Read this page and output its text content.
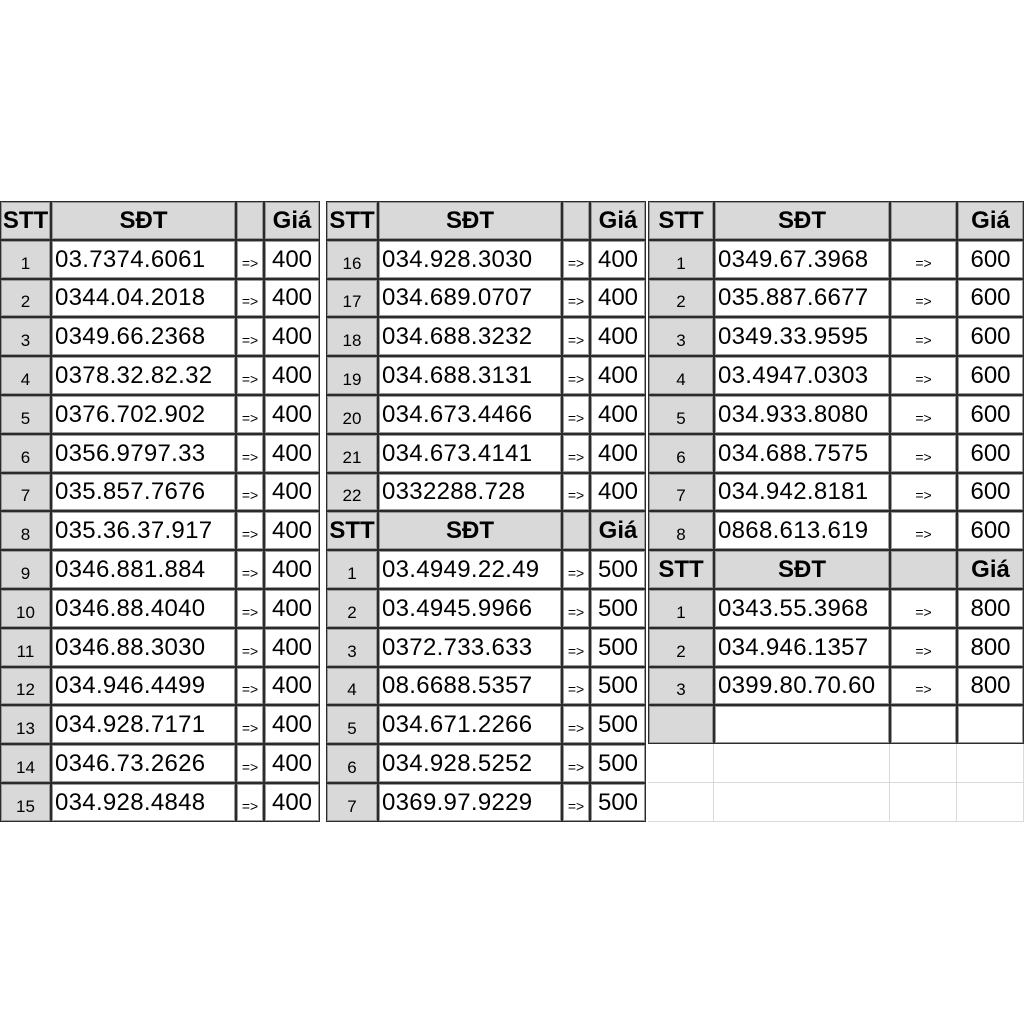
STT	SĐT	Giá
1	03.7374.6061	=> 400
2	0344.04.2018	=> 400
3	0349.66.2368	=> 400
4	0378.32.82.32	=> 400
5	0376.702.902	=> 400
6	0356.9797.33	=> 400
7	035.857.7676	=> 400
8	035.36.37.917	=> 400
9	0346.881.884	=> 400
10 0346.88.4040	=> 400
11 0346.88.3030	=> 400
12 034.946.4499	=> 400
13 034.928.7171	=> 400
14 0346.73.2626	=> 400
15 034.928.4848	=> 400
STT	SĐT	Giá
16 034.928.3030	=> 400
17 034.689.0707	=> 400
18 034.688.3232	=> 400
19 034.688.3131	=> 400
20 034.673.4466	=> 400
21 034.673.4141	=> 400
22 0332288.728	=> 400
STT	SĐT	Giá
1	03.4949.22.49	=> 500
2	03.4945.9966	=> 500
3	0372.733.633	=> 500
4	08.6688.5357	=> 500
5	034.671.2266	=> 500
6	034.928.5252	=> 500
7	0369.97.9229	=> 500
STT	SĐT	Giá
1	0349.67.3968	=>	600
2	035.887.6677	=>	600
3	0349.33.9595	=>	600
4	03.4947.0303	=>	600
5	034.933.8080	=>	600
6	034.688.7575	=>	600
7	034.942.8181	=>	600
8	0868.613.619	=>	600
STT	SĐT	Giá
1	0343.55.3968	=>	800
2	034.946.1357	=>	800
3	0399.80.70.60	=>	800
